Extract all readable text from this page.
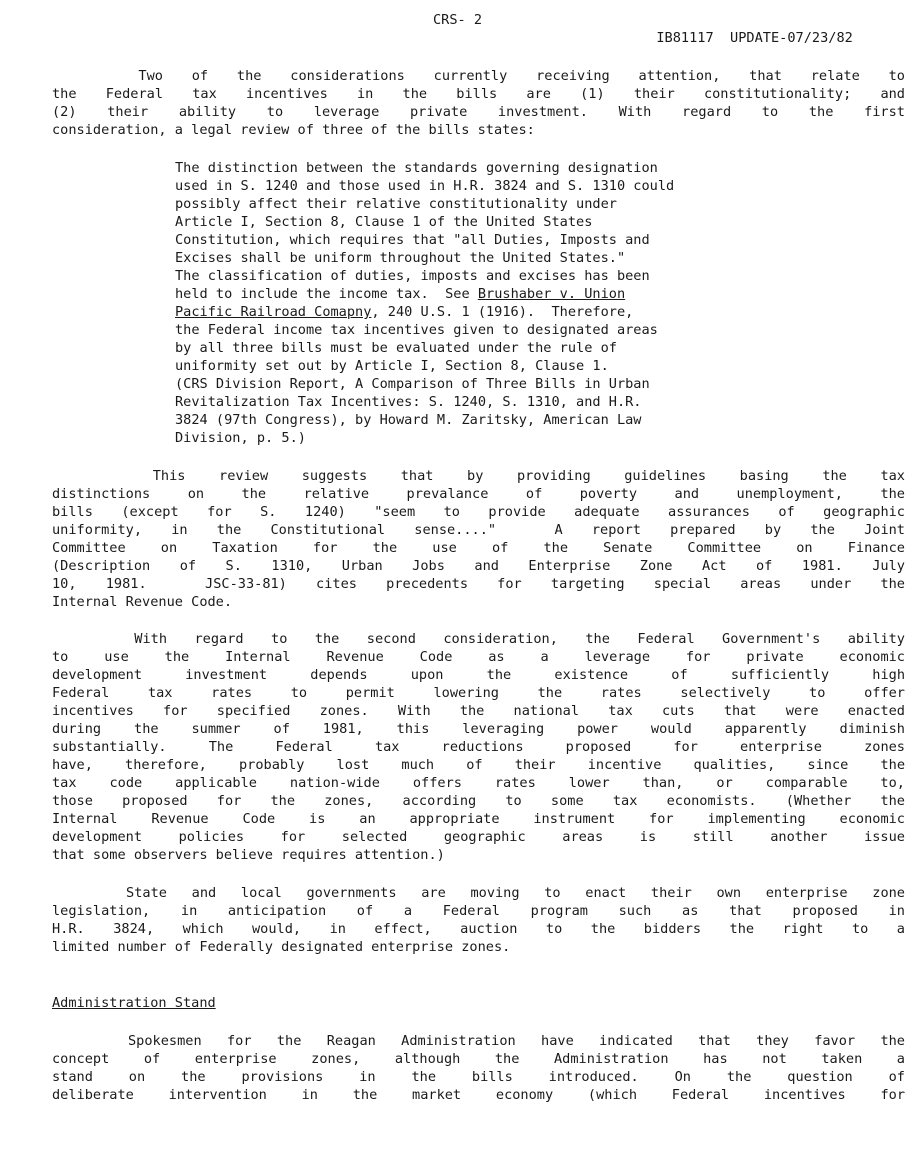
CRS- 2

IB81117 UPDATE-07/23/82

Two of the considerations currently receiving attention, that relate to
the Federal tax incentives in the bills are (1) their constitutionality; and
(2) their ability to leverage private investment. With regard to the first
consideration, a legal review of three of the bills states:
The distinction between the standards governing designation
used in S. 1240 and those used in H.R. 3824 and S. 1310 could
possibly affect their relative constitutionality under
Article I, Section 8, Clause 1 of the United States
Constitution, which requires that "all Duties, Imposts and
Excises shall be uniform throughout the United States."
The classification of duties, imposts and excises has been
held to include the income tax.  See Brushaber v. Union
Pacific Railroad Comapny, 240 U.S. 1 (1916).  Therefore,
the Federal income tax incentives given to designated areas
by all three bills must be evaluated under the rule of
uniformity set out by Article I, Section 8, Clause 1.
(CRS Division Report, A Comparison of Three Bills in Urban
Revitalization Tax Incentives: S. 1240, S. 1310, and H.R.
3824 (97th Congress), by Howard M. Zaritsky, American Law
Division, p. 5.)
This review suggests that by providing guidelines basing the tax
distinctions on the relative prevalance of poverty and unemployment, the
bills (except for S. 1240) "seem to provide adequate assurances of geographic
uniformity, in the Constitutional sense...."  A report prepared by the Joint
Committee on Taxation for the use of the Senate Committee on Finance
(Description of S. 1310, Urban Jobs and Enterprise Zone Act of 1981. July
10, 1981.  JSC-33-81) cites precedents for targeting special areas under the
Internal Revenue Code.
With regard to the second consideration, the Federal Government's ability
to use the Internal Revenue Code as a leverage for private economic
development investment depends upon the existence of sufficiently high
Federal tax rates to permit lowering the rates selectively to offer
incentives for specified zones. With the national tax cuts that were enacted
during the summer of 1981, this leveraging power would apparently diminish
substantially. The Federal tax reductions proposed for enterprise zones
have, therefore, probably lost much of their incentive qualities, since the
tax code applicable nation-wide offers rates lower than, or comparable to,
those proposed for the zones, according to some tax economists. (Whether the
Internal Revenue Code is an appropriate instrument for implementing economic
development policies for selected geographic areas is still another issue
that some observers believe requires attention.)
State and local governments are moving to enact their own enterprise zone
legislation, in anticipation of a Federal program such as that proposed in
H.R. 3824, which would, in effect, auction to the bidders the right to a
limited number of Federally designated enterprise zones.
Administration Stand
Spokesmen for the Reagan Administration have indicated that they favor the
concept of enterprise zones, although the Administration has not taken a
stand on the provisions in the bills introduced. On the question of
deliberate intervention in the market economy (which Federal incentives for
